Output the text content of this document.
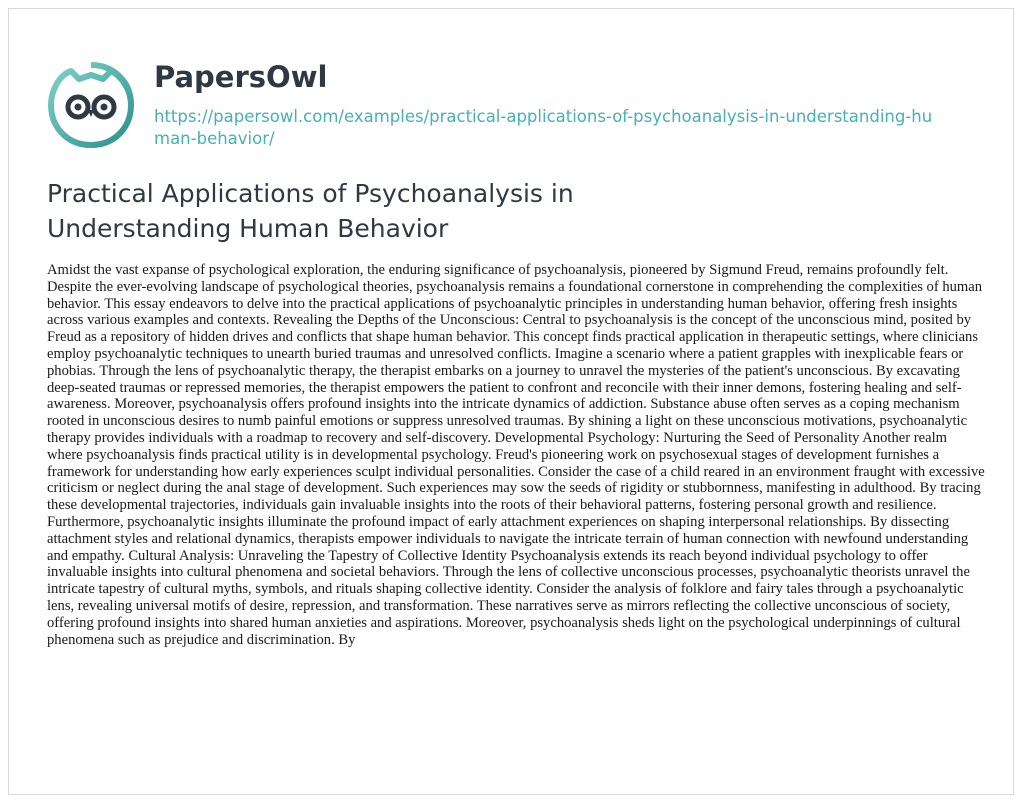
PapersOwl
https://papersowl.com/examples/practical-applications-of-psychoanalysis-in-understanding-human-behavior/
Practical Applications of Psychoanalysis in Understanding Human Behavior

Amidst the vast expanse of psychological exploration, the enduring significance of psychoanalysis, pioneered by Sigmund Freud, remains profoundly felt. Despite the ever-evolving landscape of psychological theories, psychoanalysis remains a foundational cornerstone in comprehending the complexities of human behavior. This essay endeavors to delve into the practical applications of psychoanalytic principles in understanding human behavior, offering fresh insights across various examples and contexts. Revealing the Depths of the Unconscious: Central to psychoanalysis is the concept of the unconscious mind, posited by Freud as a repository of hidden drives and conflicts that shape human behavior. This concept finds practical application in therapeutic settings, where clinicians employ psychoanalytic techniques to unearth buried traumas and unresolved conflicts. Imagine a scenario where a patient grapples with inexplicable fears or phobias. Through the lens of psychoanalytic therapy, the therapist embarks on a journey to unravel the mysteries of the patient's unconscious. By excavating deep-seated traumas or repressed memories, the therapist empowers the patient to confront and reconcile with their inner demons, fostering healing and self-awareness. Moreover, psychoanalysis offers profound insights into the intricate dynamics of addiction. Substance abuse often serves as a coping mechanism rooted in unconscious desires to numb painful emotions or suppress unresolved traumas. By shining a light on these unconscious motivations, psychoanalytic therapy provides individuals with a roadmap to recovery and self-discovery. Developmental Psychology: Nurturing the Seed of Personality Another realm where psychoanalysis finds practical utility is in developmental psychology. Freud's pioneering work on psychosexual stages of development furnishes a framework for understanding how early experiences sculpt individual personalities. Consider the case of a child reared in an environment fraught with excessive criticism or neglect during the anal stage of development. Such experiences may sow the seeds of rigidity or stubbornness, manifesting in adulthood. By tracing these developmental trajectories, individuals gain invaluable insights into the roots of their behavioral patterns, fostering personal growth and resilience. Furthermore, psychoanalytic insights illuminate the profound impact of early attachment experiences on shaping interpersonal relationships. By dissecting attachment styles and relational dynamics, therapists empower individuals to navigate the intricate terrain of human connection with newfound understanding and empathy. Cultural Analysis: Unraveling the Tapestry of Collective Identity Psychoanalysis extends its reach beyond individual psychology to offer invaluable insights into cultural phenomena and societal behaviors. Through the lens of collective unconscious processes, psychoanalytic theorists unravel the intricate tapestry of cultural myths, symbols, and rituals shaping collective identity. Consider the analysis of folklore and fairy tales through a psychoanalytic lens, revealing universal motifs of desire, repression, and transformation. These narratives serve as mirrors reflecting the collective unconscious of society, offering profound insights into shared human anxieties and aspirations. Moreover, psychoanalysis sheds light on the psychological underpinnings of cultural phenomena such as prejudice and discrimination. By
